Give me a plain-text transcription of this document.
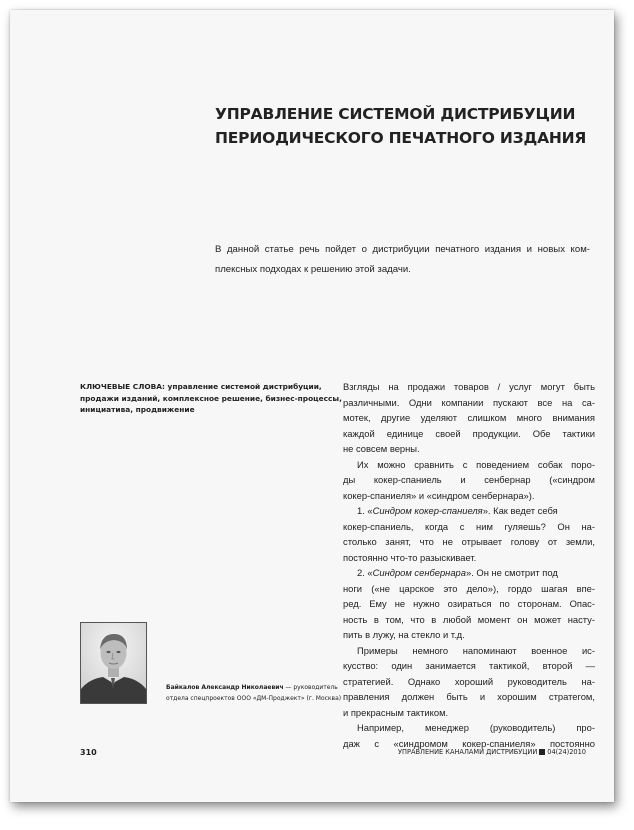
УПРАВЛЕНИЕ СИСТЕМОЙ ДИСТРИБУЦИИ
ПЕРИОДИЧЕСКОГО ПЕЧАТНОГО ИЗДАНИЯ
В данной статье речь пойдет о дистрибуции печатного издания и новых ком-
плексных подходах к решению этой задачи.
КЛЮЧЕВЫЕ СЛОВА: управление системой дистрибуции,
продажи изданий, комплексное решение, бизнес-процессы,
инициатива, продвижение
Взгляды на продажи товаров / услуг могут быть
различными. Одни компании пускают все на са-
мотек, другие уделяют слишком много внимания
каждой единице своей продукции. Обе тактики
не совсем верны.
Их можно сравнить с поведением собак поро-
ды кокер-спаниель и сенбернар («синдром
кокер-спаниеля» и «синдром сенбернара»).
1. «Синдром кокер-спаниеля». Как ведет себя
кокер-спаниель, когда с ним гуляешь? Он на-
столько занят, что не отрывает голову от земли,
постоянно что-то разыскивает.
2. «Синдром сенбернара». Он не смотрит под
ноги («не царское это дело»), гордо шагая впе-
ред. Ему не нужно озираться по сторонам. Опас-
ность в том, что в любой момент он может насту-
пить в лужу, на стекло и т.д.
Примеры немного напоминают военное ис-
кусство: один занимается тактикой, второй —
стратегией. Однако хороший руководитель на-
правления должен быть и хорошим стратегом,
и прекрасным тактиком.
Например, менеджер (руководитель) про-
даж с «синдромом кокер-спаниеля» постоянно
Байкалов Александр Николаевич — руководитель
отдела спецпроектов ООО «ДМ-Проджект» (г. Москва)
310	УПРАВЛЕНИЕ КАНАЛАМИ ДИСТРИБУЦИИ 04(24)2010
